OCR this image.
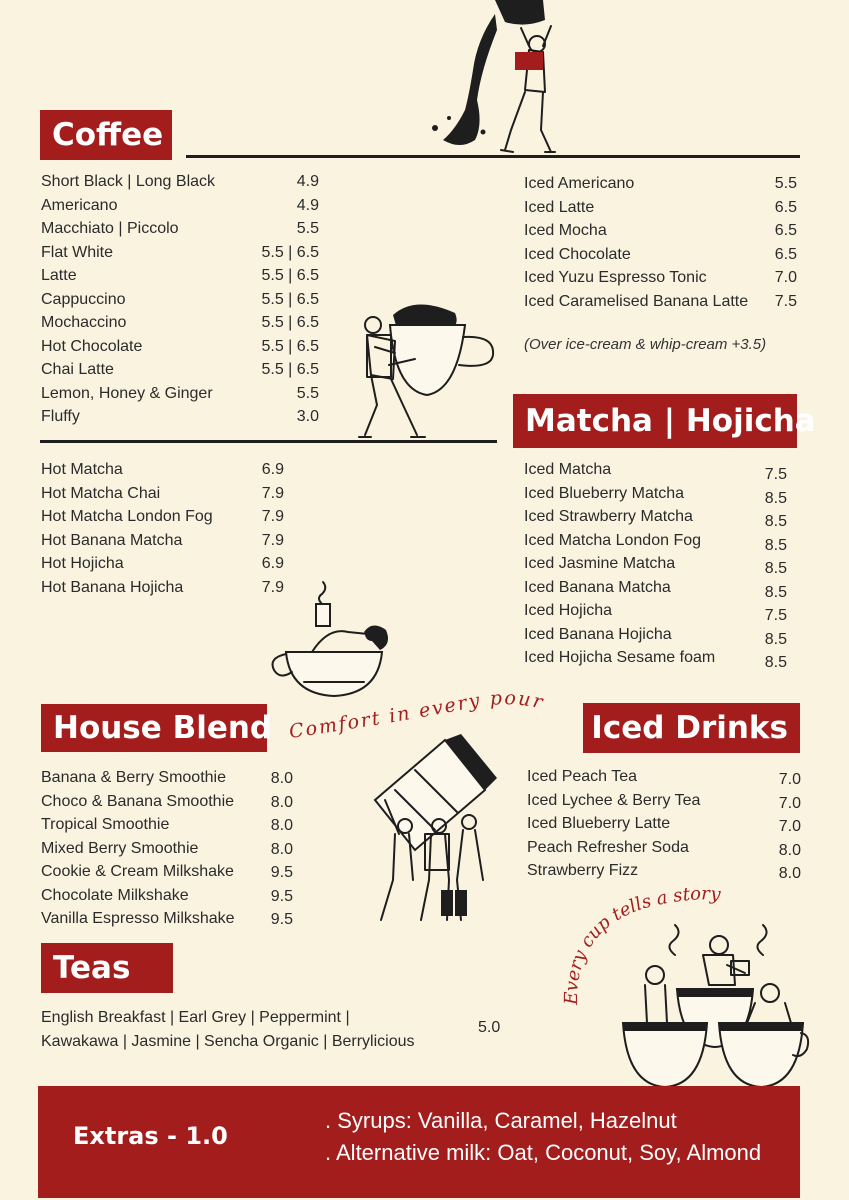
Coffee
Short Black | Long Black	4.9
Americano	4.9
Macchiato | Piccolo	5.5
Flat White	5.5 | 6.5
Latte	5.5 | 6.5
Cappuccino	5.5 | 6.5
Mochaccino	5.5 | 6.5
Hot Chocolate	5.5 | 6.5
Chai Latte	5.5 | 6.5
Lemon, Honey & Ginger	5.5
Fluffy	3.0
Iced Americano	5.5
Iced Latte	6.5
Iced Mocha	6.5
Iced Chocolate	6.5
Iced Yuzu Espresso Tonic	7.0
Iced Caramelised Banana Latte 7.5
(Over ice-cream & whip-cream +3.5)
Matcha | Hojicha
Hot Matcha	6.9
Hot Matcha Chai	7.9
Hot Matcha London Fog	7.9
Hot Banana Matcha	7.9
Hot Hojicha	6.9
Hot Banana Hojicha	7.9
Iced Matcha	7.5
Iced Blueberry Matcha	8.5
Iced Strawberry Matcha	8.5
Iced Matcha London Fog	8.5
Iced Jasmine Matcha	8.5
Iced Banana Matcha	8.5
Iced Hojicha	7.5
Iced Banana Hojicha	8.5
Iced Hojicha Sesame foam	8.5
House Blend
Banana & Berry Smoothie	8.0
Choco & Banana Smoothie 8.0
Tropical Smoothie	8.0
Mixed Berry Smoothie	8.0
Cookie & Cream Milkshake 9.5
Chocolate Milkshake	9.5
Vanilla Espresso Milkshake 9.5
Iced Drinks
Iced Peach Tea	7.0
Iced Lychee & Berry Tea	7.0
Iced Blueberry Latte	7.0
Peach Refresher Soda	8.0
Strawberry Fizz	8.0
Teas
English Breakfast | Earl Grey | Peppermint |
Kawakawa | Jasmine | Sencha Organic | Berrylicious
5.0
Comfort in every pour
Every cup tells a story
Extras - 1.0
. Syrups: Vanilla, Caramel, Hazelnut
. Alternative milk: Oat, Coconut, Soy, Almond
